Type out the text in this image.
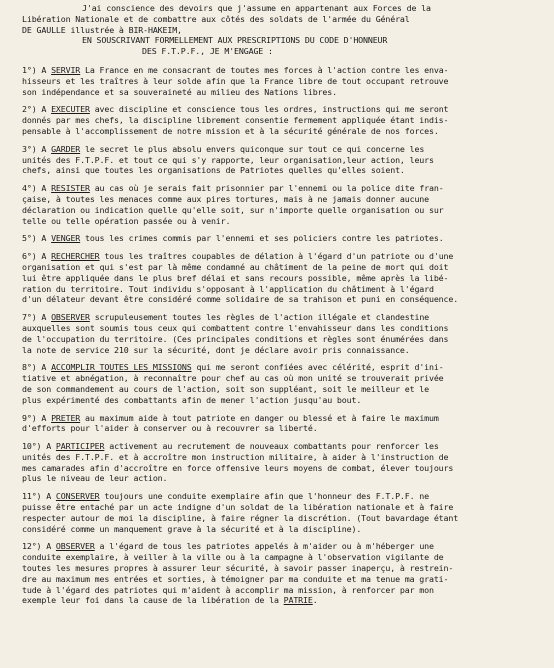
J'ai conscience des devoirs que j'assume en appartenant aux Forces de la
Libération Nationale et de combattre aux côtés des soldats de l'armée du Général
DE GAULLE illustrée à BIR-HAKEIM,
EN SOUSCRIVANT FORMELLEMENT AUX PRESCRIPTIONS DU CODE D'HONNEUR
DES F.T.P.F., JE M'ENGAGE :
1°) A SERVIR La France en me consacrant de toutes mes forces à l'action contre les enva-
hisseurs et les traîtres à leur solde afin que la France libre de tout occupant retrouve
son indépendance et sa souveraineté au milieu des Nations libres.
2°) A EXECUTER avec discipline et conscience tous les ordres, instructions qui me seront
donnés par mes chefs, la discipline librement consentie fermement appliquée étant indis-
pensable à l'accomplissement de notre mission et à la sécurité générale de nos forces.
3°) A GARDER le secret le plus absolu envers quiconque sur tout ce qui concerne les
unités des F.T.P.F. et tout ce qui s'y rapporte, leur organisation,leur action, leurs
chefs, ainsi que toutes les organisations de Patriotes quelles qu'elles soient.
4°) A RESISTER au cas où je serais fait prisonnier par l'ennemi ou la police dite fran-
çaise, à toutes les menaces comme aux pires tortures, mais à ne jamais donner aucune
déclaration ou indication quelle qu'elle soit, sur n'importe quelle organisation ou sur
telle ou telle opération passée ou à venir.
5°) A VENGER tous les crimes commis par l'ennemi et ses policiers contre les patriotes.
6°) A RECHERCHER tous les traîtres coupables de délation à l'égard d'un patriote ou d'une
organisation et qui s'est par là même condamné au châtiment de la peine de mort qui doit
lui être appliquée dans le plus bref délai et sans recours possible, même après la libé-
ration du territoire. Tout individu s'opposant à l'application du châtiment à l'égard
d'un délateur devant être considéré comme solidaire de sa trahison et puni en conséquence.
7°) A OBSERVER scrupuleusement toutes les règles de l'action illégale et clandestine
auxquelles sont soumis tous ceux qui combattent contre l'envahisseur dans les conditions
de l'occupation du territoire. (Ces principales conditions et règles sont énumérées dans
la note de service 210 sur la sécurité, dont je déclare avoir pris connaissance.
8°) A ACCOMPLIR TOUTES LES MISSIONS qui me seront confiées avec célérité, esprit d'ini-
tiative et abnégation, à reconnaître pour chef au cas où mon unité se trouverait privée
de son commandement au cours de l'action, soit son suppléant, soit le meilleur et le
plus expérimenté des combattants afin de mener l'action jusqu'au bout.
9°) A PRETER au maximum aide à tout patriote en danger ou blessé et à faire le maximum
d'efforts pour l'aider à conserver ou à recouvrer sa liberté.
10°) A PARTICIPER activement au recrutement de nouveaux combattants pour renforcer les
unités des F.T.P.F. et à accroître mon instruction militaire, à aider à l'instruction de
mes camarades afin d'accroître en force offensive leurs moyens de combat, élever toujours
plus le niveau de leur action.
11°) A CONSERVER toujours une conduite exemplaire afin que l'honneur des F.T.P.F. ne
puisse être entaché par un acte indigne d'un soldat de la libération nationale et à faire
respecter autour de moi la discipline, à faire régner la discrétion. (Tout bavardage étant
considéré comme un manquement grave à la sécurité et à la discipline).
12°) A OBSERVER a l'égard de tous les patriotes appelés à m'aider ou à m'héberger une
conduite exemplaire, à veiller à la ville ou à la campagne à l'observation vigilante de
toutes les mesures propres à assurer leur sécurité, à savoir passer inaperçu, à restrein-
dre au maximum mes entrées et sorties, à témoigner par ma conduite et ma tenue ma grati-
tude à l'égard des patriotes qui m'aident à accomplir ma mission, à renforcer par mon
exemple leur foi dans la cause de la libération de la PATRIE.
